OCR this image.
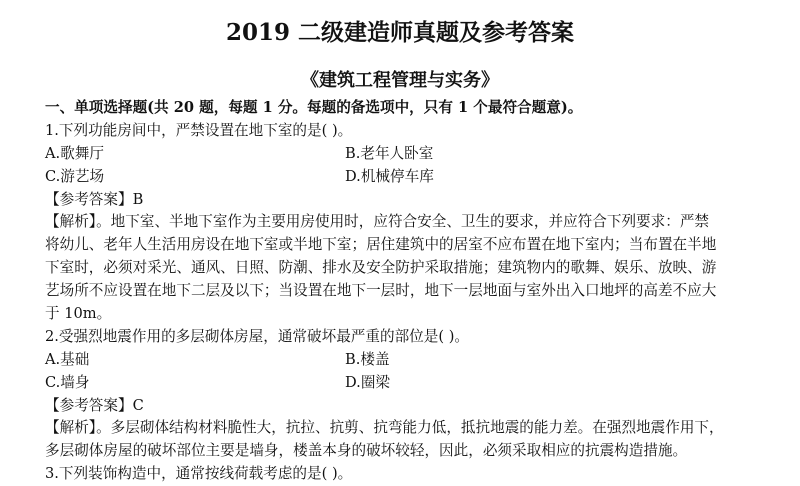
2019 二级建造师真题及参考答案
《建筑工程管理与实务》
一、单项选择题(共 20 题，每题 1 分。每题的备选项中，只有 1 个最符合题意)。
1.下列功能房间中，严禁设置在地下室的是( )。
A.歌舞厅	B.老年人卧室
C.游艺场	D.机械停车库
【参考答案】B
【解析】。地下室、半地下室作为主要用房使用时，应符合安全、卫生的要求，并应符合下列要求：严禁
将幼儿、老年人生活用房设在地下室或半地下室；居住建筑中的居室不应布置在地下室内；当布置在半地
下室时，必须对采光、通风、日照、防潮、排水及安全防护采取措施；建筑物内的歌舞、娱乐、放映、游
艺场所不应设置在地下二层及以下；当设置在地下一层时，地下一层地面与室外出入口地坪的高差不应大
于 10m。
2.受强烈地震作用的多层砌体房屋，通常破坏最严重的部位是( )。
A.基础	B.楼盖
C.墙身	D.圈梁
【参考答案】C
【解析】。多层砌体结构材料脆性大，抗拉、抗剪、抗弯能力低，抵抗地震的能力差。在强烈地震作用下，
多层砌体房屋的破坏部位主要是墙身，楼盖本身的破坏较轻，因此，必须采取相应的抗震构造措施。
3.下列装饰构造中，通常按线荷载考虑的是( )。
